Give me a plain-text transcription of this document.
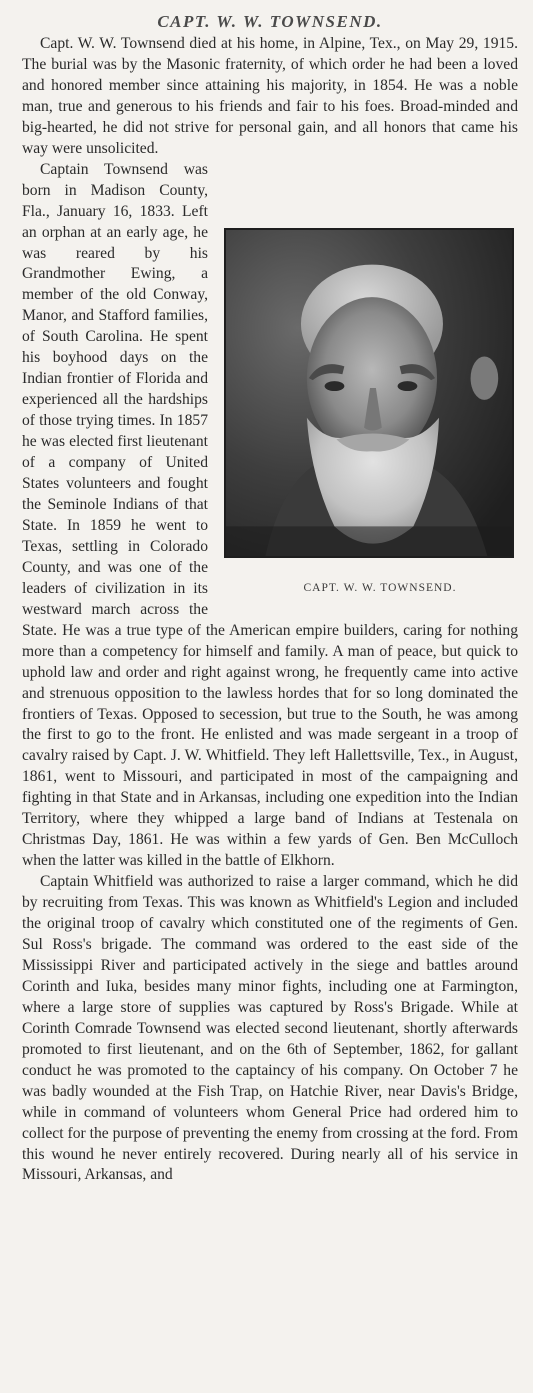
CAPT. W. W. TOWNSEND.

Capt. W. W. Townsend died at his home, in Alpine, Tex., on May 29, 1915. The burial was by the Masonic fraternity, of which order he had been a loved and honored member since attaining his majority, in 1854. He was a noble man, true and generous to his friends and fair to his foes. Broad-minded and big-hearted, he did not strive for personal gain, and all honors that came his way were unsolicited.

CAPT. W. W. TOWNSEND.

Captain Townsend was born in Madison County, Fla., January 16, 1833. Left an orphan at an early age, he was reared by his Grandmother Ewing, a member of the old Conway, Manor, and Stafford families, of South Carolina. He spent his boyhood days on the Indian frontier of Florida and experienced all the hardships of those trying times. In 1857 he was elected first lieutenant of a company of United States volunteers and fought the Seminole Indians of that State. In 1859 he went to Texas, settling in Colorado County, and was one of the leaders of civilization in its westward march across the State. He was a true type of the American empire builders, caring for nothing more than a competency for himself and family. A man of peace, but quick to uphold law and order and right against wrong, he frequently came into active and strenuous opposition to the lawless hordes that for so long dominated the frontiers of Texas. Opposed to secession, but true to the South, he was among the first to go to the front. He enlisted and was made sergeant in a troop of cavalry raised by Capt. J. W. Whitfield. They left Hallettsville, Tex., in August, 1861, went to Missouri, and participated in most of the campaigning and fighting in that State and in Arkansas, including one expedition into the Indian Territory, where they whipped a large band of Indians at Testenala on Christmas Day, 1861. He was within a few yards of Gen. Ben McCulloch when the latter was killed in the battle of Elkhorn.

Captain Whitfield was authorized to raise a larger command, which he did by recruiting from Texas. This was known as Whitfield's Legion and included the original troop of cavalry which constituted one of the regiments of Gen. Sul Ross's brigade. The command was ordered to the east side of the Mississippi River and participated actively in the siege and battles around Corinth and Iuka, besides many minor fights, including one at Farmington, where a large store of supplies was captured by Ross's Brigade. While at Corinth Comrade Townsend was elected second lieutenant, shortly afterwards promoted to first lieutenant, and on the 6th of September, 1862, for gallant conduct he was promoted to the captaincy of his company. On October 7 he was badly wounded at the Fish Trap, on Hatchie River, near Davis's Bridge, while in command of volunteers whom General Price had ordered him to collect for the purpose of preventing the enemy from crossing at the ford. From this wound he never entirely recovered. During nearly all of his service in Missouri, Arkansas, and
